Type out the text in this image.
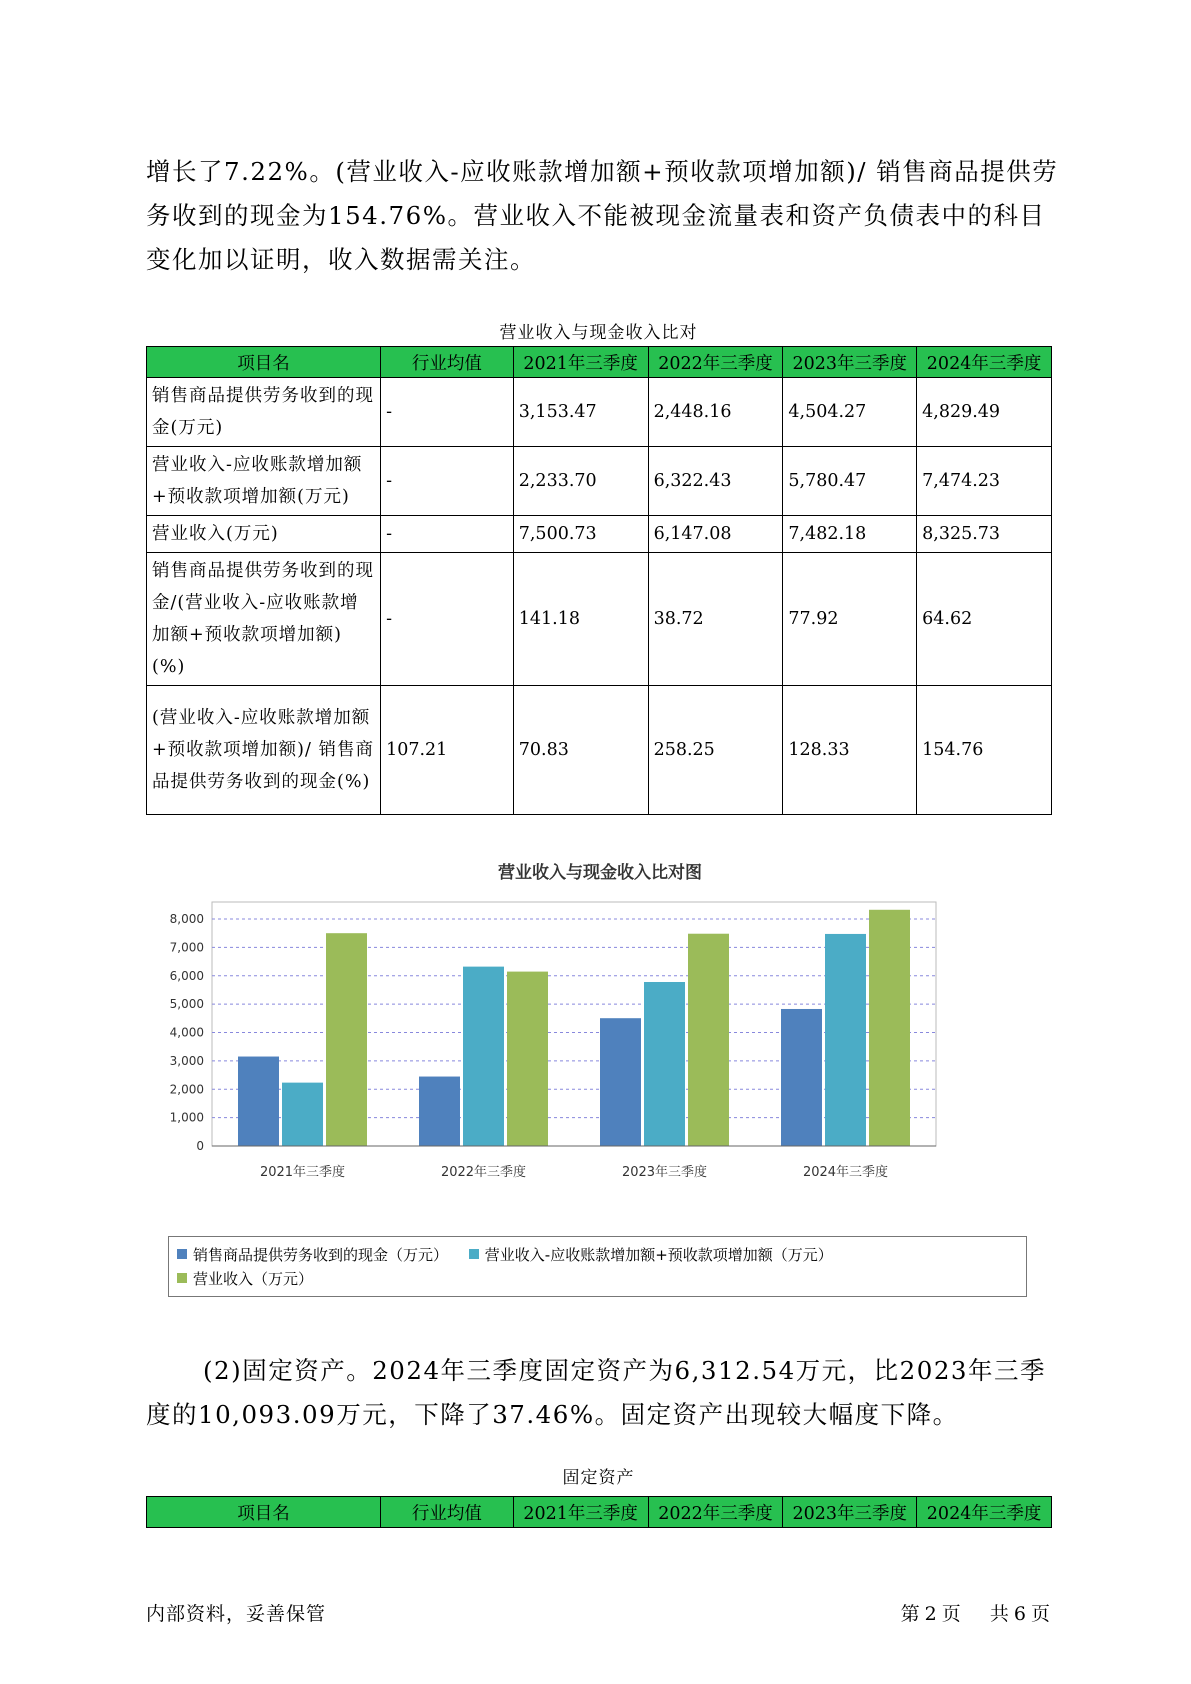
增长了7.22%。(营业收入-应收账款增加额+预收款项增加额)/ 销售商品提供劳务收到的现金为154.76%。营业收入不能被现金流量表和资产负债表中的科目变化加以证明，收入数据需关注。
营业收入与现金收入比对
项目名	行业均值	2021年三季度	2022年三季度	2023年三季度	2024年三季度
销售商品提供劳务收到的现金(万元)	-	3,153.47	2,448.16	4,504.27	4,829.49
营业收入-应收账款增加额+预收款项增加额(万元)	-	2,233.70	6,322.43	5,780.47	7,474.23
营业收入(万元)	-	7,500.73	6,147.08	7,482.18	8,325.73
销售商品提供劳务收到的现金/(营业收入-应收账款增加额+预收款项增加额)(%)	-	141.18	38.72	77.92	64.62
(营业收入-应收账款增加额+预收款项增加额)/ 销售商品提供劳务收到的现金(%)	107.21	70.83	258.25	128.33	154.76
营业收入与现金收入比对图
0
1,000
2,000
3,000
4,000
5,000
6,000
7,000
8,000
2021年三季度	2022年三季度	2023年三季度	2024年三季度
销售商品提供劳务收到的现金（万元）
营业收入-应收账款增加额+预收款项增加额（万元）

营业收入（万元）
(2)固定资产。2024年三季度固定资产为6,312.54万元，比2023年三季度的10,093.09万元，下降了37.46%。固定资产出现较大幅度下降。
固定资产
项目名	行业均值	2021年三季度	2022年三季度	2023年三季度	2024年三季度
内部资料，妥善保管	第 2 页 共 6 页
